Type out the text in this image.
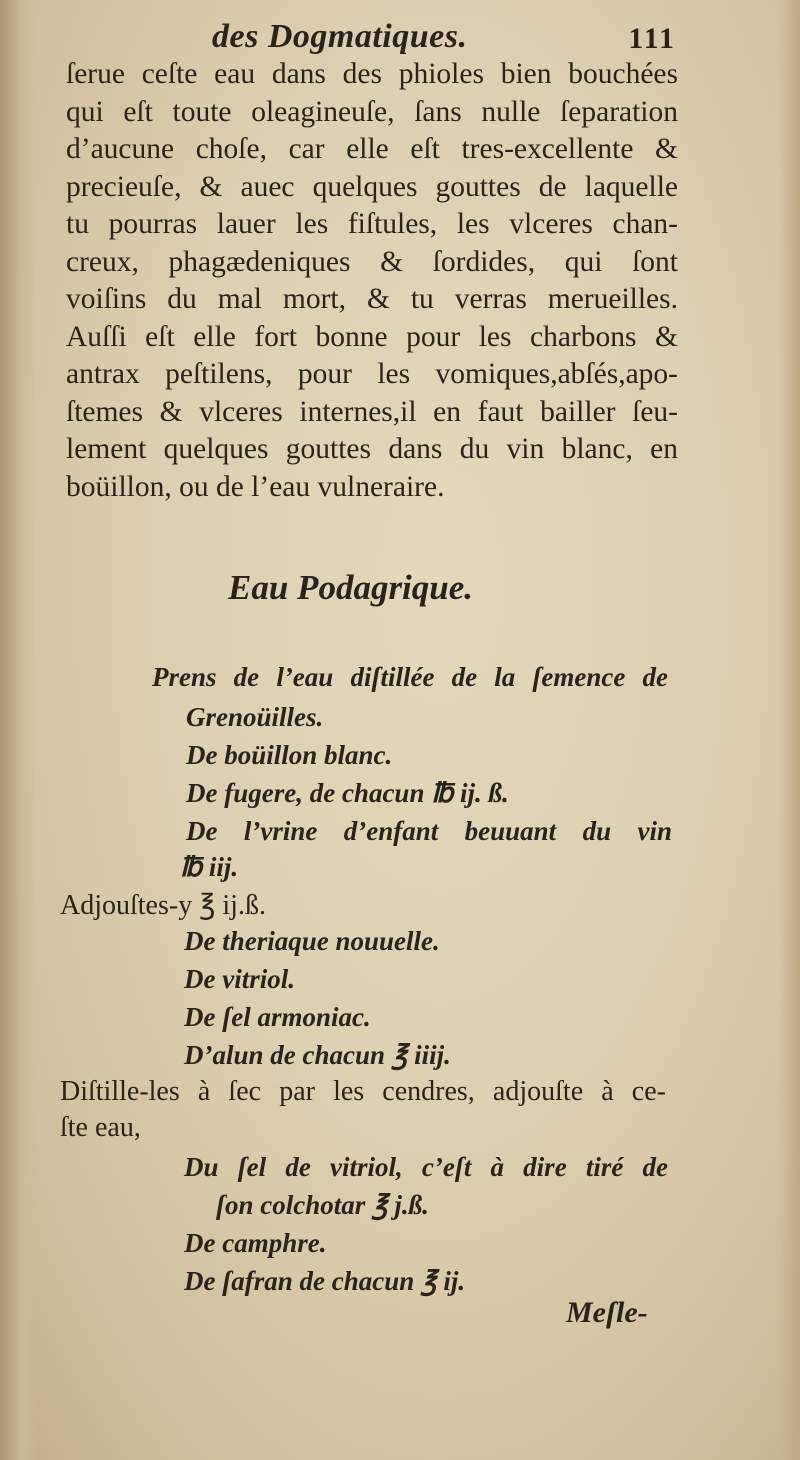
des Dogmatiques.	111
ſerue ceſte eau dans des phioles bien bouchées
qui eſt toute oleagineuſe, ſans nulle ſeparation
d’aucune choſe, car elle eſt tres-excellente &
precieuſe, & auec quelques gouttes de laquelle
tu pourras lauer les fiſtules, les vlceres chan-
creux, phagædeniques & ſordides, qui ſont
voiſins du mal mort, & tu verras merueilles.
Auſſi eſt elle fort bonne pour les charbons &
antrax peſtilens, pour les vomiques,abſés,apo-
ſtemes & vlceres internes,il en faut bailler ſeu-
lement quelques gouttes dans du vin blanc, en
boüillon, ou de l’eau vulneraire.
Eau Podagrique.
Prens de l’eau diſtillée de la ſemence de
Grenoüilles.
De boüillon blanc.
De fugere, de chacun ℔ ij. ß.
De l’vrine d’enfant beuuant du vin
℔ iij.
Adjouſtes-y ℥ ij.ß.
De theriaque nouuelle.
De vitriol.
De ſel armoniac.
D’alun de chacun ℥ iiij.
Diſtille-les à ſec par les cendres, adjouſte à ce-
ſte eau,
Du ſel de vitriol, c’eſt à dire tiré de
ſon colchotar ℥ j.ß.
De camphre.
De ſafran de chacun ℥ ij.
Meſle-
